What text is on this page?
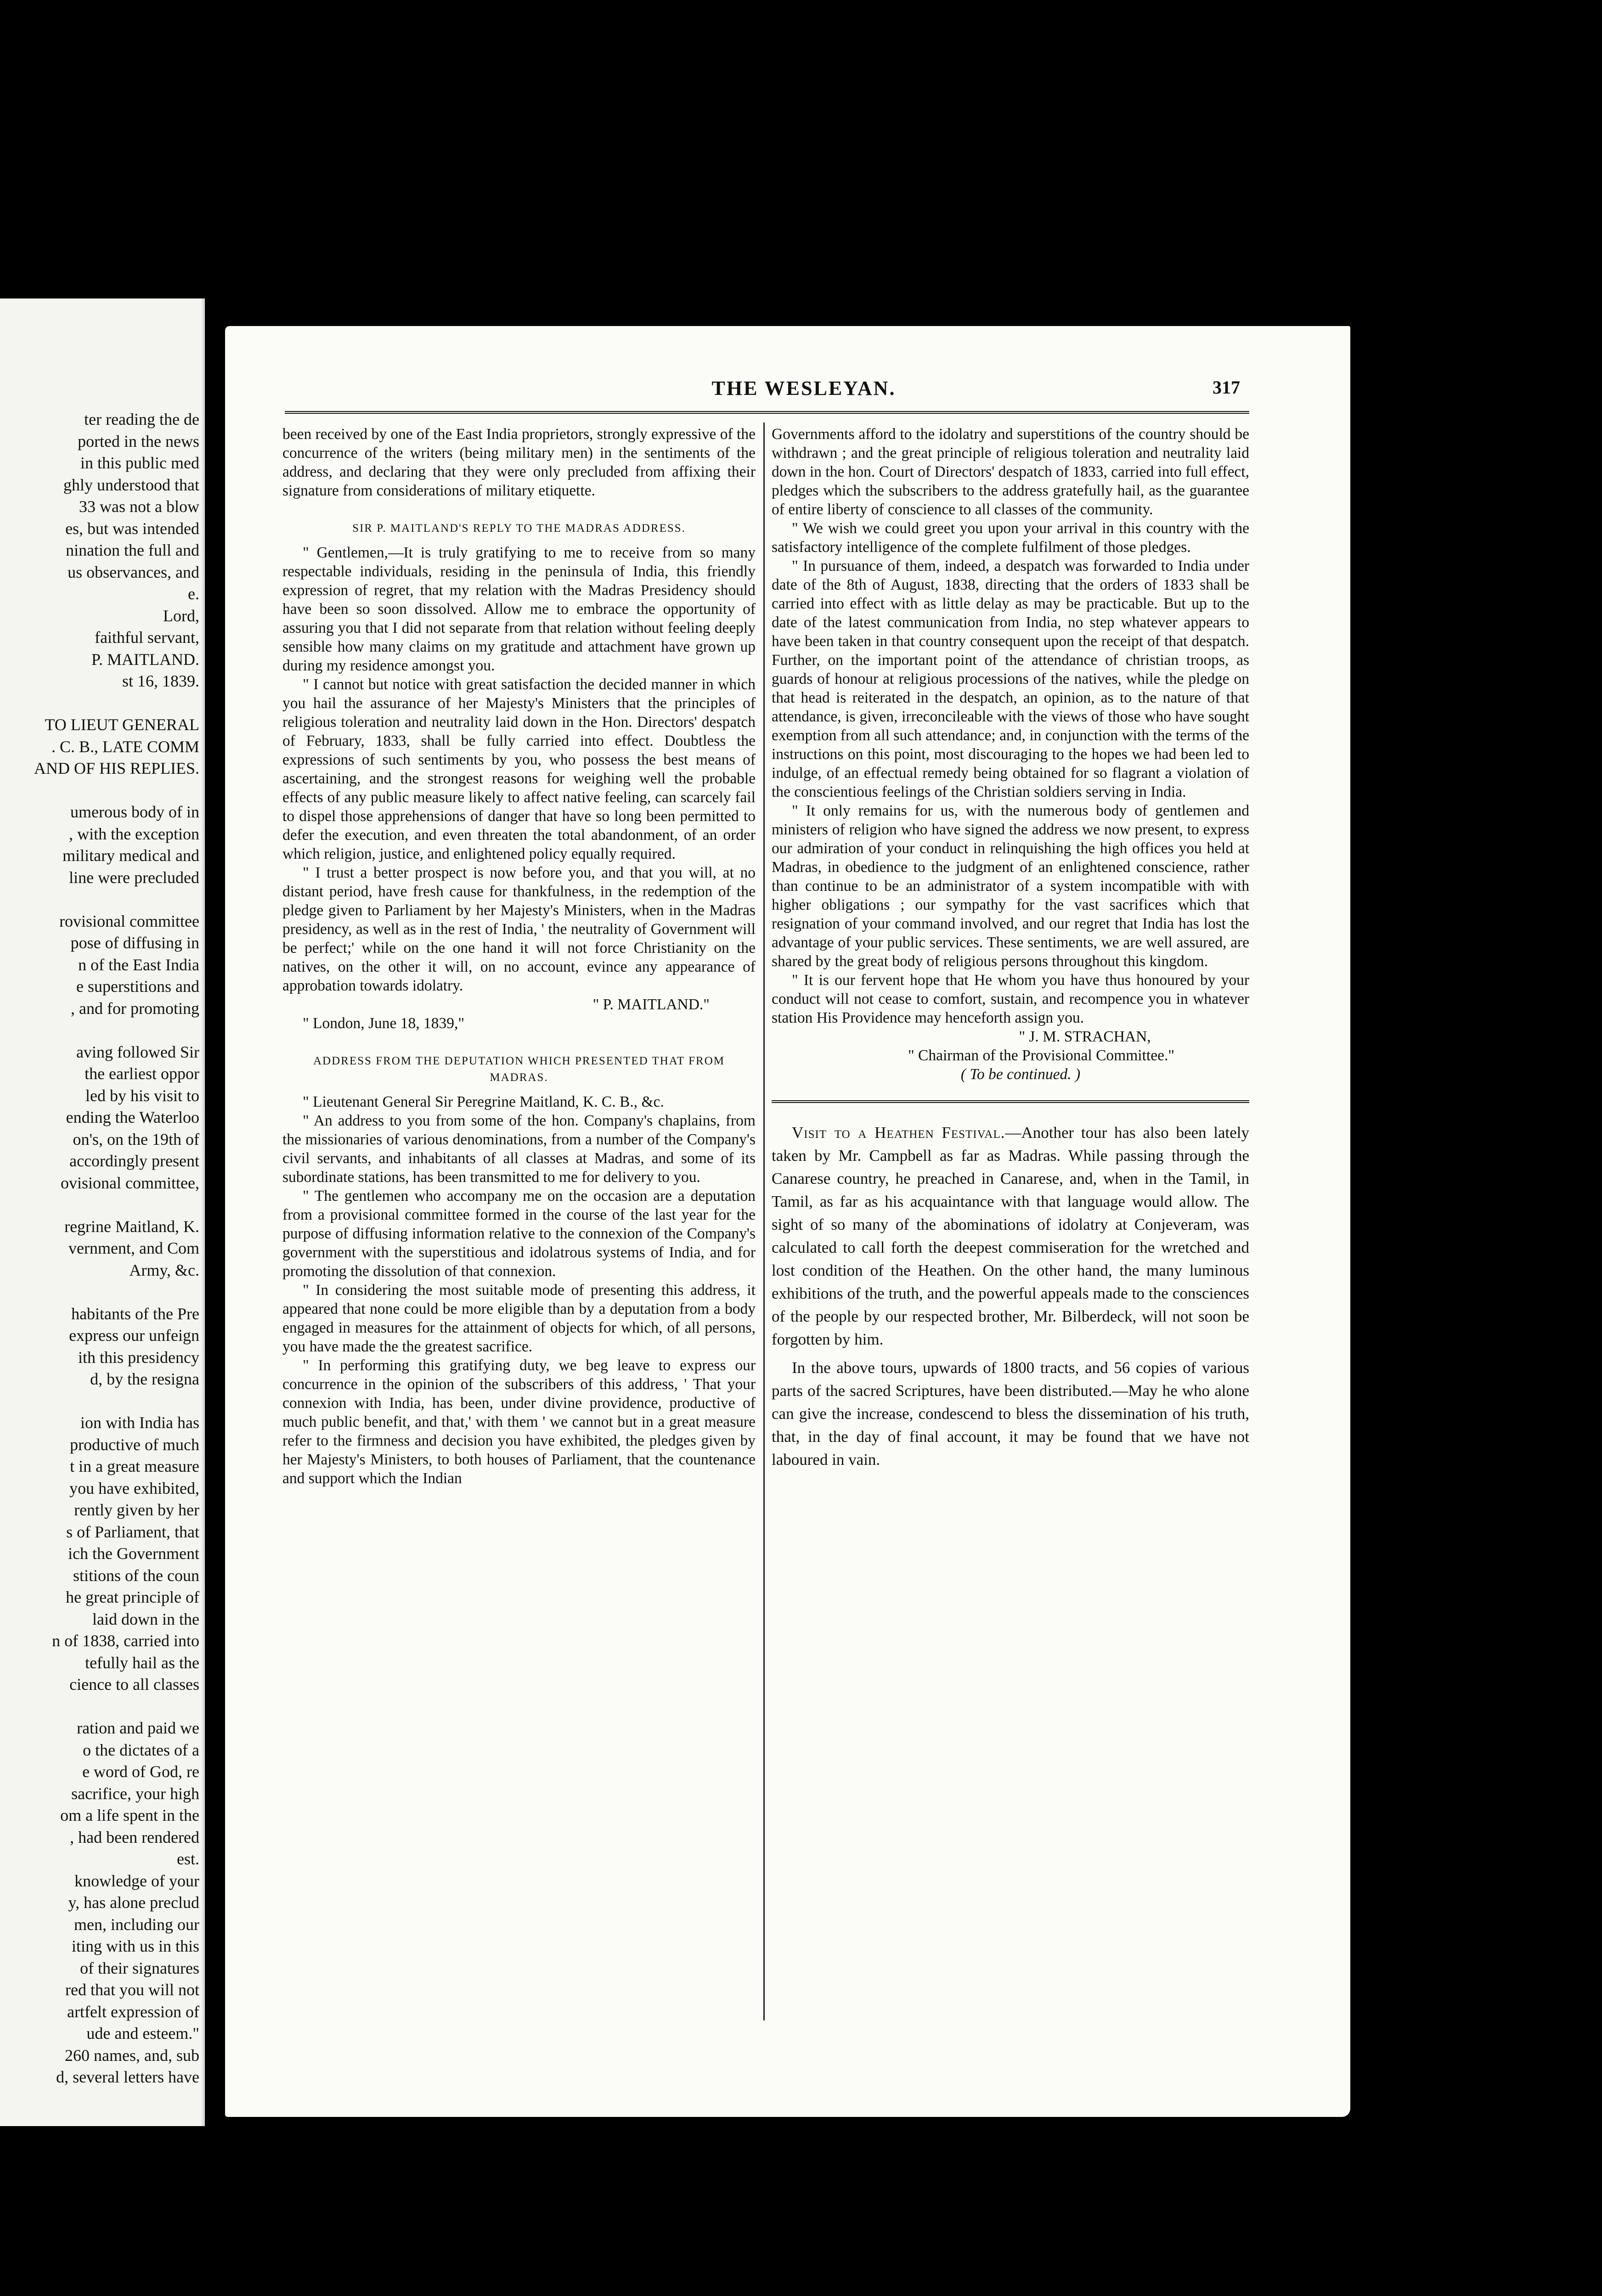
ter reading the de
ported in the news
in this public med
ghly understood that
33 was not a blow
es, but was intended
nination the full and
us observances, and
e.
Lord,
faithful servant,
P. MAITLAND.
st 16, 1839.

TO LIEUT GENERAL
. C. B., LATE COMM
AND OF HIS REPLIES.

umerous body of in
, with the exception
military medical and
line were precluded

rovisional committee
pose of diffusing in
n of the East India
e superstitions and
, and for promoting

aving followed Sir
the earliest oppor
led by his visit to
ending the Waterloo
on's, on the 19th of
accordingly present
ovisional committee,

regrine Maitland, K.
vernment, and Com
Army, &c.

habitants of the Pre
express our unfeign
ith this presidency
d, by the resigna

ion with India has
productive of much
t in a great measure
you have exhibited,
rently given by her
s of Parliament, that
ich the Government
stitions of the coun
he great principle of
laid down in the
n of 1838, carried into
tefully hail as the
cience to all classes

ration and paid we
o the dictates of a
e word of God, re
sacrifice, your high
om a life spent in the
, had been rendered
est.
knowledge of your
y, has alone preclud
men, including our
iting with us in this
of their signatures
red that you will not
artfelt expression of
ude and esteem."
260 names, and, sub
d, several letters have
THE WESLEYAN.	317

been received by one of the East India proprietors, strongly expressive of the concurrence of the writers (being military men) in the sentiments of the address, and declaring that they were only precluded from affixing their signature from considerations of military etiquette.

SIR P. MAITLAND'S REPLY TO THE MADRAS ADDRESS.

" Gentlemen,—It is truly gratifying to me to receive from so many respectable individuals, residing in the peninsula of India, this friendly expression of regret, that my relation with the Madras Presidency should have been so soon dissolved. Allow me to embrace the opportunity of assuring you that I did not separate from that relation without feeling deeply sensible how many claims on my gratitude and attachment have grown up during my residence amongst you.

" I cannot but notice with great satisfaction the decided manner in which you hail the assurance of her Majesty's Ministers that the principles of religious toleration and neutrality laid down in the Hon. Directors' despatch of February, 1833, shall be fully carried into effect. Doubtless the expressions of such sentiments by you, who possess the best means of ascertaining, and the strongest reasons for weighing well the probable effects of any public measure likely to affect native feeling, can scarcely fail to dispel those apprehensions of danger that have so long been permitted to defer the execution, and even threaten the total abandonment, of an order which religion, justice, and enlightened policy equally required.

" I trust a better prospect is now before you, and that you will, at no distant period, have fresh cause for thankfulness, in the redemption of the pledge given to Parliament by her Majesty's Ministers, when in the Madras presidency, as well as in the rest of India, ' the neutrality of Government will be perfect;' while on the one hand it will not force Christianity on the natives, on the other it will, on no account, evince any appearance of approbation towards idolatry.

" P. MAITLAND."

" London, June 18, 1839,"

ADDRESS FROM THE DEPUTATION WHICH PRESENTED THAT FROM MADRAS.

" Lieutenant General Sir Peregrine Maitland, K. C. B., &c.

" An address to you from some of the hon. Company's chaplains, from the missionaries of various denominations, from a number of the Company's civil servants, and inhabitants of all classes at Madras, and some of its subordinate stations, has been transmitted to me for delivery to you.

" The gentlemen who accompany me on the occasion are a deputation from a provisional committee formed in the course of the last year for the purpose of diffusing information relative to the connexion of the Company's government with the superstitious and idolatrous systems of India, and for promoting the dissolution of that connexion.

" In considering the most suitable mode of presenting this address, it appeared that none could be more eligible than by a deputation from a body engaged in measures for the attainment of objects for which, of all persons, you have made the the greatest sacrifice.

" In performing this gratifying duty, we beg leave to express our concurrence in the opinion of the subscribers of this address, ' That your connexion with India, has been, under divine providence, productive of much public benefit, and that,' with them ' we cannot but in a great measure refer to the firmness and decision you have exhibited, the pledges given by her Majesty's Ministers, to both houses of Parliament, that the countenance and support which the Indian

Governments afford to the idolatry and superstitions of the country should be withdrawn ; and the great principle of religious toleration and neutrality laid down in the hon. Court of Directors' despatch of 1833, carried into full effect, pledges which the subscribers to the address gratefully hail, as the guarantee of entire liberty of conscience to all classes of the community.

" We wish we could greet you upon your arrival in this country with the satisfactory intelligence of the complete fulfilment of those pledges.

" In pursuance of them, indeed, a despatch was forwarded to India under date of the 8th of August, 1838, directing that the orders of 1833 shall be carried into effect with as little delay as may be practicable. But up to the date of the latest communication from India, no step whatever appears to have been taken in that country consequent upon the receipt of that despatch. Further, on the important point of the attendance of christian troops, as guards of honour at religious processions of the natives, while the pledge on that head is reiterated in the despatch, an opinion, as to the nature of that attendance, is given, irreconcileable with the views of those who have sought exemption from all such attendance; and, in conjunction with the terms of the instructions on this point, most discouraging to the hopes we had been led to indulge, of an effectual remedy being obtained for so flagrant a violation of the conscientious feelings of the Christian soldiers serving in India.

" It only remains for us, with the numerous body of gentlemen and ministers of religion who have signed the address we now present, to express our admiration of your conduct in relinquishing the high offices you held at Madras, in obedience to the judgment of an enlightened conscience, rather than continue to be an administrator of a system incompatible with with higher obligations ; our sympathy for the vast sacrifices which that resignation of your command involved, and our regret that India has lost the advantage of your public services. These sentiments, we are well assured, are shared by the great body of religious persons throughout this kingdom.

" It is our fervent hope that He whom you have thus honoured by your conduct will not cease to comfort, sustain, and recompence you in whatever station His Providence may henceforth assign you.

" J. M. STRACHAN,

" Chairman of the Provisional Committee."

( To be continued. )

Visit to a Heathen Festival.—Another tour has also been lately taken by Mr. Campbell as far as Madras. While passing through the Canarese country, he preached in Canarese, and, when in the Tamil, in Tamil, as far as his acquaintance with that language would allow. The sight of so many of the abominations of idolatry at Conjeveram, was calculated to call forth the deepest commiseration for the wretched and lost condition of the Heathen. On the other hand, the many luminous exhibitions of the truth, and the powerful appeals made to the consciences of the people by our respected brother, Mr. Bilberdeck, will not soon be forgotten by him.

In the above tours, upwards of 1800 tracts, and 56 copies of various parts of the sacred Scriptures, have been distributed.—May he who alone can give the increase, condescend to bless the dissemination of his truth, that, in the day of final account, it may be found that we have not laboured in vain.
